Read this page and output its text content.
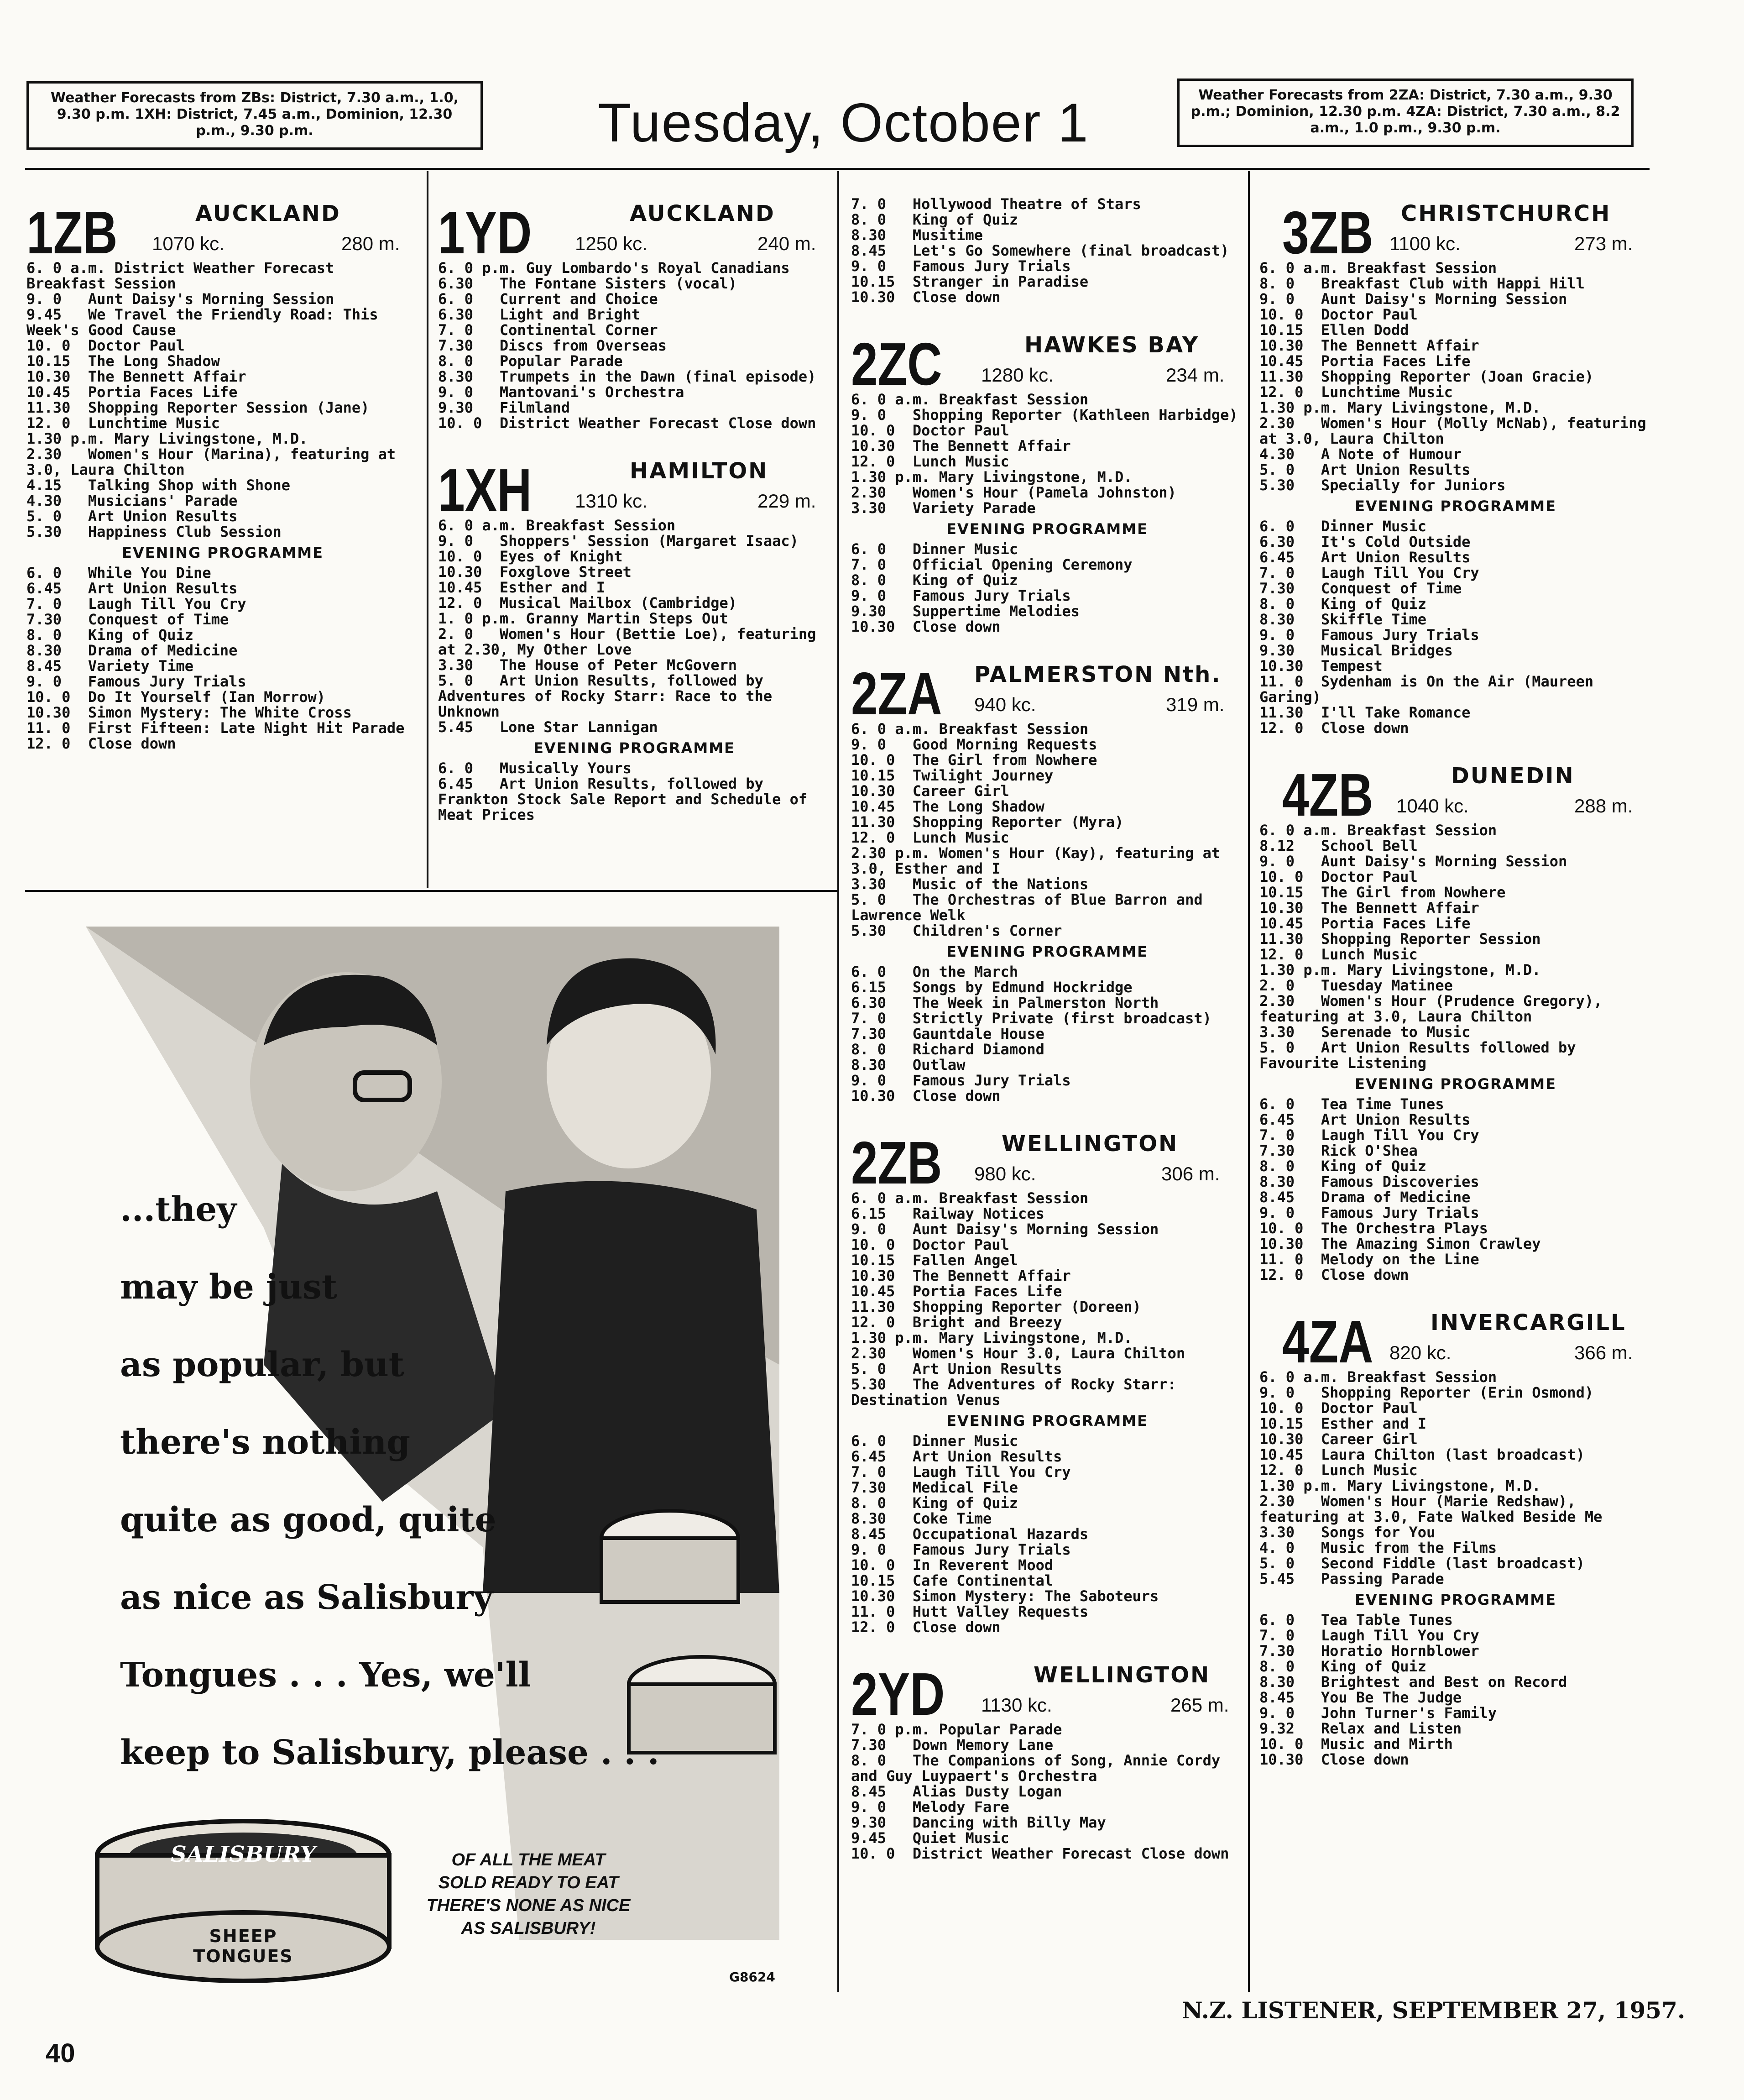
Weather Forecasts from ZBs: District, 7.30 a.m., 1.0, 9.30 p.m. 1XH: District, 7.45 a.m., Dominion, 12.30 p.m., 9.30 p.m.	Tuesday, October 1	Weather Forecasts from 2ZA: District, 7.30 a.m., 9.30 p.m.; Dominion, 12.30 p.m. 4ZA: District, 7.30 a.m., 8.2 a.m., 1.0 p.m., 9.30 p.m.
1ZB	AUCKLAND
1070 kc.	280 m.
6. 0 a.m. District Weather Forecast Breakfast Session
9. 0   Aunt Daisy's Morning Session
9.45   We Travel the Friendly Road: This Week's Good Cause
10. 0  Doctor Paul
10.15  The Long Shadow
10.30  The Bennett Affair
10.45  Portia Faces Life
11.30  Shopping Reporter Session (Jane)
12. 0  Lunchtime Music
1.30 p.m. Mary Livingstone, M.D.
2.30   Women's Hour (Marina), featuring at 3.0, Laura Chilton
4.15   Talking Shop with Shone
4.30   Musicians' Parade
5. 0   Art Union Results
5.30   Happiness Club Session
EVENING PROGRAMME
6. 0   While You Dine
6.45   Art Union Results
7. 0   Laugh Till You Cry
7.30   Conquest of Time
8. 0   King of Quiz
8.30   Drama of Medicine
8.45   Variety Time
9. 0   Famous Jury Trials
10. 0  Do It Yourself (Ian Morrow)
10.30  Simon Mystery: The White Cross
11. 0  First Fifteen: Late Night Hit Parade
12. 0  Close down
1YD	AUCKLAND
1250 kc.	240 m.
6. 0 p.m. Guy Lombardo's Royal Canadians
6.30   The Fontane Sisters (vocal)
6. 0   Current and Choice
6.30   Light and Bright
7. 0   Continental Corner
7.30   Discs from Overseas
8. 0   Popular Parade
8.30   Trumpets in the Dawn (final episode)
9. 0   Mantovani's Orchestra
9.30   Filmland
10. 0  District Weather Forecast Close down
1XH	HAMILTON
1310 kc.	229 m.
6. 0 a.m. Breakfast Session
9. 0   Shoppers' Session (Margaret Isaac)
10. 0  Eyes of Knight
10.30  Foxglove Street
10.45  Esther and I
12. 0  Musical Mailbox (Cambridge)
1. 0 p.m. Granny Martin Steps Out
2. 0   Women's Hour (Bettie Loe), featuring at 2.30, My Other Love
3.30   The House of Peter McGovern
5. 0   Art Union Results, followed by Adventures of Rocky Starr: Race to the Unknown
5.45   Lone Star Lannigan
EVENING PROGRAMME
6. 0   Musically Yours
6.45   Art Union Results, followed by Frankton Stock Sale Report and Schedule of Meat Prices
7. 0   Hollywood Theatre of Stars
8. 0   King of Quiz
8.30   Musitime
8.45   Let's Go Somewhere (final broadcast)
9. 0   Famous Jury Trials
10.15  Stranger in Paradise
10.30  Close down
2ZC	HAWKES BAY
1280 kc.	234 m.
6. 0 a.m. Breakfast Session
9. 0   Shopping Reporter (Kathleen Harbidge)
10. 0  Doctor Paul
10.30  The Bennett Affair
12. 0  Lunch Music
1.30 p.m. Mary Livingstone, M.D.
2.30   Women's Hour (Pamela Johnston)
3.30   Variety Parade
EVENING PROGRAMME
6. 0   Dinner Music
7. 0   Official Opening Ceremony
8. 0   King of Quiz
9. 0   Famous Jury Trials
9.30   Suppertime Melodies
10.30  Close down
2ZA PALMERSTON Nth.
940 kc.	319 m.
6. 0 a.m. Breakfast Session
9. 0   Good Morning Requests
10. 0  The Girl from Nowhere
10.15  Twilight Journey
10.30  Career Girl
10.45  The Long Shadow
11.30  Shopping Reporter (Myra)
12. 0  Lunch Music
2.30 p.m. Women's Hour (Kay), featuring at 3.0, Esther and I
3.30   Music of the Nations
5. 0   The Orchestras of Blue Barron and Lawrence Welk
5.30   Children's Corner
EVENING PROGRAMME
6. 0   On the March
6.15   Songs by Edmund Hockridge
6.30   The Week in Palmerston North
7. 0   Strictly Private (first broadcast)
7.30   Gauntdale House
8. 0   Richard Diamond
8.30   Outlaw
9. 0   Famous Jury Trials
10.30  Close down
2ZB	WELLINGTON
980 kc.	306 m.
6. 0 a.m. Breakfast Session
6.15   Railway Notices
9. 0   Aunt Daisy's Morning Session
10. 0  Doctor Paul
10.15  Fallen Angel
10.30  The Bennett Affair
10.45  Portia Faces Life
11.30  Shopping Reporter (Doreen)
12. 0  Bright and Breezy
1.30 p.m. Mary Livingstone, M.D.
2.30   Women's Hour 3.0, Laura Chilton
5. 0   Art Union Results
5.30   The Adventures of Rocky Starr: Destination Venus
EVENING PROGRAMME
6. 0   Dinner Music
6.45   Art Union Results
7. 0   Laugh Till You Cry
7.30   Medical File
8. 0   King of Quiz
8.30   Coke Time
8.45   Occupational Hazards
9. 0   Famous Jury Trials
10. 0  In Reverent Mood
10.15  Cafe Continental
10.30  Simon Mystery: The Saboteurs
11. 0  Hutt Valley Requests
12. 0  Close down
2YD	WELLINGTON
1130 kc.	265 m.
7. 0 p.m. Popular Parade
7.30   Down Memory Lane
8. 0   The Companions of Song, Annie Cordy and Guy Luypaert's Orchestra
8.45   Alias Dusty Logan
9. 0   Melody Fare
9.30   Dancing with Billy May
9.45   Quiet Music
10. 0  District Weather Forecast Close down
3ZB CHRISTCHURCH
1100 kc.	273 m.
6. 0 a.m. Breakfast Session
8. 0   Breakfast Club with Happi Hill
9. 0   Aunt Daisy's Morning Session
10. 0  Doctor Paul
10.15  Ellen Dodd
10.30  The Bennett Affair
10.45  Portia Faces Life
11.30  Shopping Reporter (Joan Gracie)
12. 0  Lunchtime Music
1.30 p.m. Mary Livingstone, M.D.
2.30   Women's Hour (Molly McNab), featuring at 3.0, Laura Chilton
4.30   A Note of Humour
5. 0   Art Union Results
5.30   Specially for Juniors
EVENING PROGRAMME
6. 0   Dinner Music
6.30   It's Cold Outside
6.45   Art Union Results
7. 0   Laugh Till You Cry
7.30   Conquest of Time
8. 0   King of Quiz
8.30   Skiffle Time
9. 0   Famous Jury Trials
9.30   Musical Bridges
10.30  Tempest
11. 0  Sydenham is On the Air (Maureen Garing)
11.30  I'll Take Romance
12. 0  Close down
4ZB	DUNEDIN
1040 kc.	288 m.
6. 0 a.m. Breakfast Session
8.12   School Bell
9. 0   Aunt Daisy's Morning Session
10. 0  Doctor Paul
10.15  The Girl from Nowhere
10.30  The Bennett Affair
10.45  Portia Faces Life
11.30  Shopping Reporter Session
12. 0  Lunch Music
1.30 p.m. Mary Livingstone, M.D.
2. 0   Tuesday Matinee
2.30   Women's Hour (Prudence Gregory), featuring at 3.0, Laura Chilton
3.30   Serenade to Music
5. 0   Art Union Results followed by Favourite Listening
EVENING PROGRAMME
6. 0   Tea Time Tunes
6.45   Art Union Results
7. 0   Laugh Till You Cry
7.30   Rick O'Shea
8. 0   King of Quiz
8.30   Famous Discoveries
8.45   Drama of Medicine
9. 0   Famous Jury Trials
10. 0  The Orchestra Plays
10.30  The Amazing Simon Crawley
11. 0  Melody on the Line
12. 0  Close down
4ZA	INVERCARGILL
820 kc.	366 m.
6. 0 a.m. Breakfast Session
9. 0   Shopping Reporter (Erin Osmond)
10. 0  Doctor Paul
10.15  Esther and I
10.30  Career Girl
10.45  Laura Chilton (last broadcast)
12. 0  Lunch Music
1.30 p.m. Mary Livingstone, M.D.
2.30   Women's Hour (Marie Redshaw), featuring at 3.0, Fate Walked Beside Me
3.30   Songs for You
4. 0   Music from the Films
5. 0   Second Fiddle (last broadcast)
5.45   Passing Parade
EVENING PROGRAMME
6. 0   Tea Table Tunes
7. 0   Laugh Till You Cry
7.30   Horatio Hornblower
8. 0   King of Quiz
8.30   Brightest and Best on Record
8.45   You Be The Judge
9. 0   John Turner's Family
9.32   Relax and Listen
10. 0  Music and Mirth
10.30  Close down
...they
may be just
as popular, but
there's nothing
quite as good, quite
as nice as Salisbury
Tongues . . . Yes, we'll
keep to Salisbury, please . . .
SALISBURY
SHEEP TONGUES
OF ALL THE MEAT
SOLD READY TO EAT
THERE'S NONE AS NICE
AS SALISBURY!
G8624
40
N.Z. LISTENER, SEPTEMBER 27, 1957.
